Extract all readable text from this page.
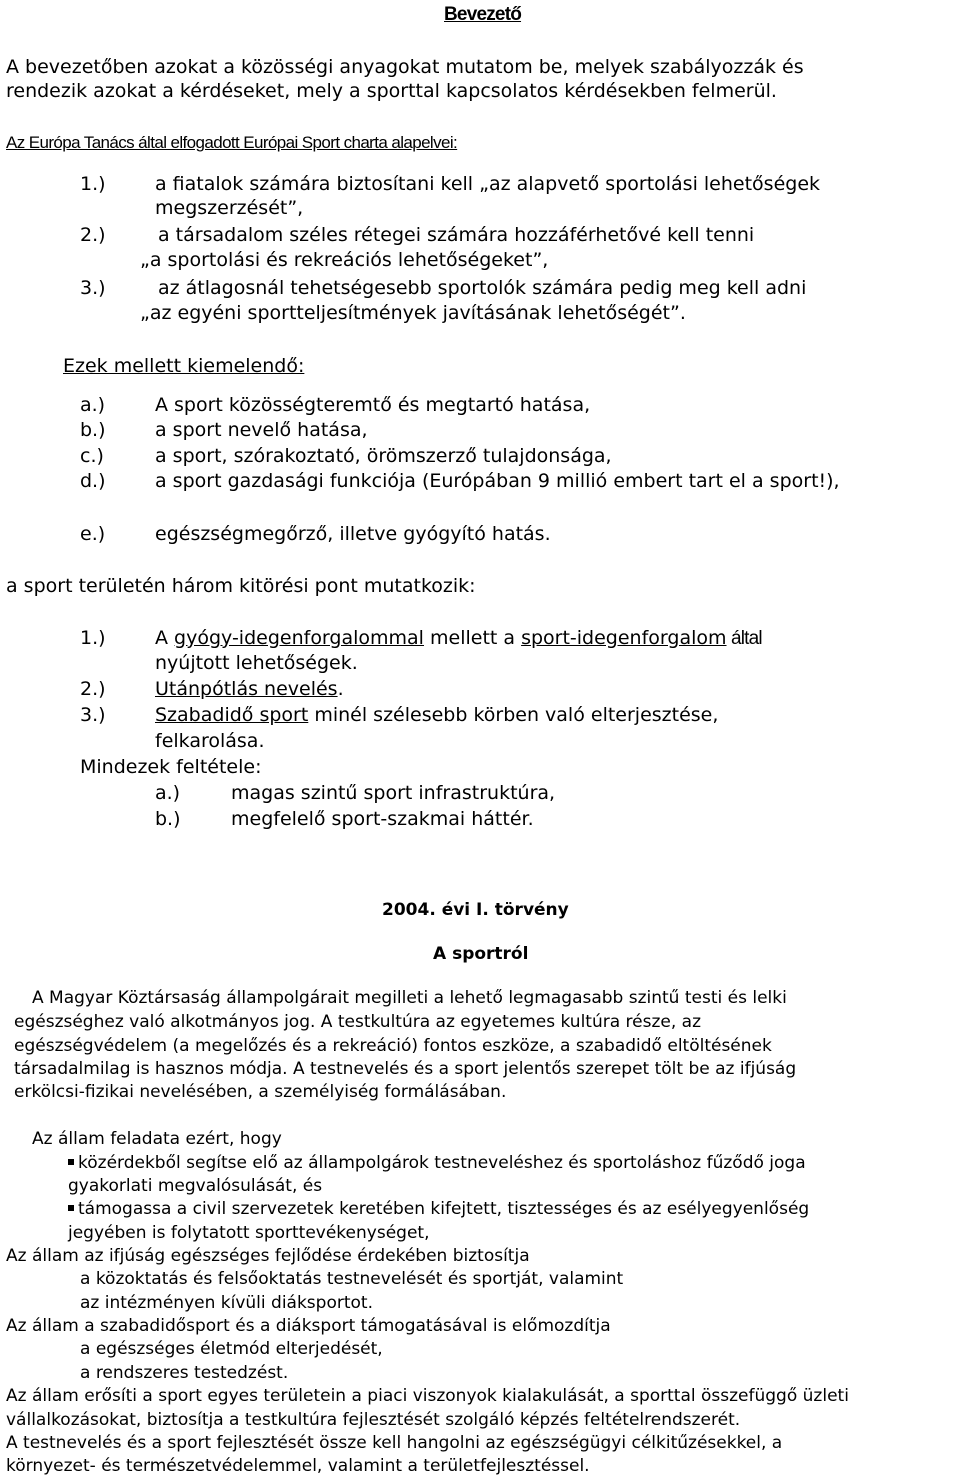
Bevezető
A bevezetőben azokat a közösségi anyagokat mutatom be, melyek szabályozzák és
rendezik azokat a kérdéseket, mely a sporttal kapcsolatos kérdésekben felmerül.
Az Európa Tanács által elfogadott Európai Sport charta alapelvei:
1.)	a fiatalok számára biztosítani kell „az alapvető sportolási lehetőségek
megszerzését”,
2.)	a társadalom széles rétegei számára hozzáférhetővé kell tenni
„a sportolási és rekreációs lehetőségeket”,
3.)	az átlagosnál tehetségesebb sportolók számára pedig meg kell adni
„az egyéni sportteljesítmények javításának lehetőségét”.
Ezek mellett kiemelendő:
a.)	A sport közösségteremtő és megtartó hatása,
b.)	a sport nevelő hatása,
c.)	a sport, szórakoztató, örömszerző tulajdonsága,
d.)	a sport gazdasági funkciója (Európában 9 millió embert tart el a sport!),
e.)	egészségmegőrző, illetve gyógyító hatás.
a sport területén három kitörési pont mutatkozik:
1.)	A gyógy-idegenforgalommal mellett a sport-idegenforgalom által
nyújtott lehetőségek.
2.)	Utánpótlás nevelés.
3.)	Szabadidő sport minél szélesebb körben való elterjesztése,
felkarolása.
Mindezek feltétele:
a.)	magas szintű sport infrastruktúra,
b.)	megfelelő sport-szakmai háttér.
2004. évi I. törvény
A sportról
A Magyar Köztársaság állampolgárait megilleti a lehető legmagasabb szintű testi és lelki
egészséghez való alkotmányos jog. A testkultúra az egyetemes kultúra része, az
egészségvédelem (a megelőzés és a rekreáció) fontos eszköze, a szabadidő eltöltésének
társadalmilag is hasznos módja. A testnevelés és a sport jelentős szerepet tölt be az ifjúság
erkölcsi-fizikai nevelésében, a személyiség formálásában.
Az állam feladata ezért, hogy
közérdekből segítse elő az állampolgárok testneveléshez és sportoláshoz fűződő joga
gyakorlati megvalósulását, és
támogassa a civil szervezetek keretében kifejtett, tisztességes és az esélyegyenlőség
jegyében is folytatott sporttevékenységet,
Az állam az ifjúság egészséges fejlődése érdekében biztosítja
a közoktatás és felsőoktatás testnevelését és sportját, valamint
az intézményen kívüli diáksportot.
Az állam a szabadidősport és a diáksport támogatásával is előmozdítja
a egészséges életmód elterjedését,
a rendszeres testedzést.
Az állam erősíti a sport egyes területein a piaci viszonyok kialakulását, a sporttal összefüggő üzleti
vállalkozásokat, biztosítja a testkultúra fejlesztését szolgáló képzés feltételrendszerét.
A testnevelés és a sport fejlesztését össze kell hangolni az egészségügyi célkitűzésekkel, a
környezet- és természetvédelemmel, valamint a területfejlesztéssel.
